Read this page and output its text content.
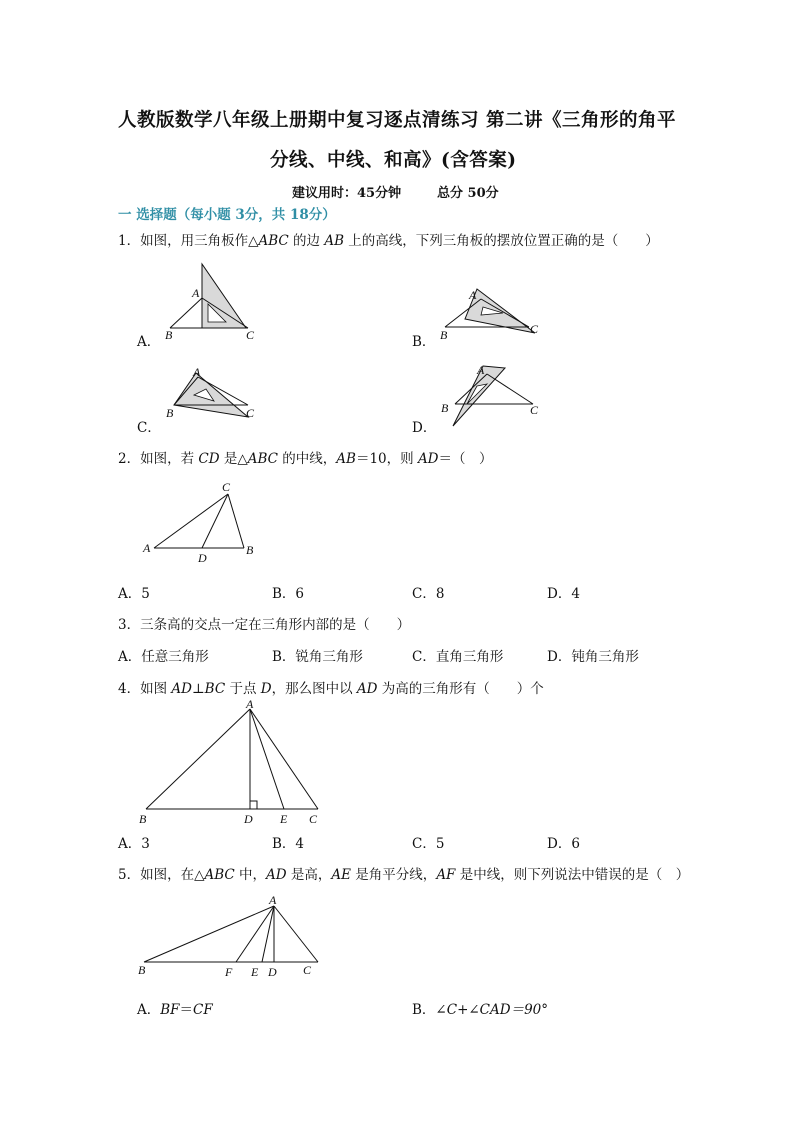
人教版数学八年级上册期中复习逐点清练习 第二讲《三角形的角平
分线、中线、和高》(含答案)
建议用时：45分钟	总分 50分
一 选择题（每小题 3分，共 18分）
1．如图，用三角板作△ABC 的边 AB 上的高线，下列三角板的摆放位置正确的是（　　）
A
B	C
A．
A
B	C
B．
A
B	C
C．
A
B	C
D．
2．如图，若 CD 是△ABC 的中线，AB＝10，则 AD＝（　）
C
A	B
D
A．5	B．6	C．8	D．4
3．三条高的交点一定在三角形内部的是（　　）
A．任意三角形	B．锐角三角形	C．直角三角形	D．钝角三角形
4．如图 AD⊥BC 于点 D，那么图中以 AD 为高的三角形有（　　）个
A
B	D E C
A．3	B．4	C．5	D．6
5．如图，在△ABC 中，AD 是高，AE 是角平分线，AF 是中线，则下列说法中错误的是（　）
A
B	F E D C
A．BF＝CF	B．∠C+∠CAD＝90°
